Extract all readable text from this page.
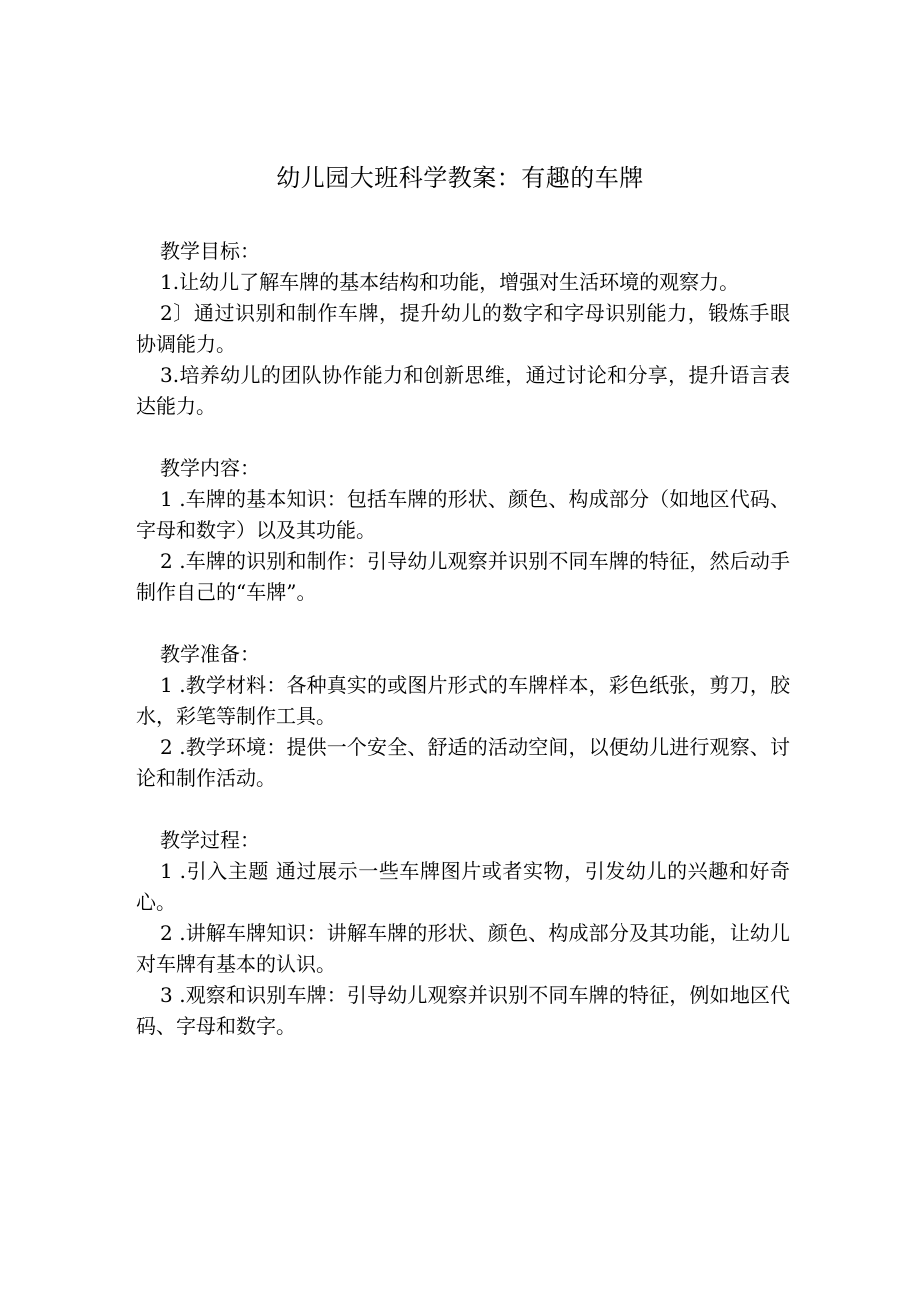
幼儿园大班科学教案：有趣的车牌
教学目标：
1.让幼儿了解车牌的基本结构和功能，增强对生活环境的观察力。
2〕通过识别和制作车牌，提升幼儿的数字和字母识别能力，锻炼手眼协调能力。
3.培养幼儿的团队协作能力和创新思维，通过讨论和分享，提升语言表达能力。
教学内容：
1 .车牌的基本知识：包括车牌的形状、颜色、构成部分（如地区代码、字母和数字）以及其功能。
2 .车牌的识别和制作：引导幼儿观察并识别不同车牌的特征，然后动手制作自己的“车牌”。
教学准备：
1 .教学材料：各种真实的或图片形式的车牌样本，彩色纸张，剪刀，胶水，彩笔等制作工具。
2 .教学环境：提供一个安全、舒适的活动空间，以便幼儿进行观察、讨论和制作活动。
教学过程：
1 .引入主题 通过展示一些车牌图片或者实物，引发幼儿的兴趣和好奇心。
2 .讲解车牌知识：讲解车牌的形状、颜色、构成部分及其功能，让幼儿对车牌有基本的认识。
3 .观察和识别车牌：引导幼儿观察并识别不同车牌的特征，例如地区代码、字母和数字。
